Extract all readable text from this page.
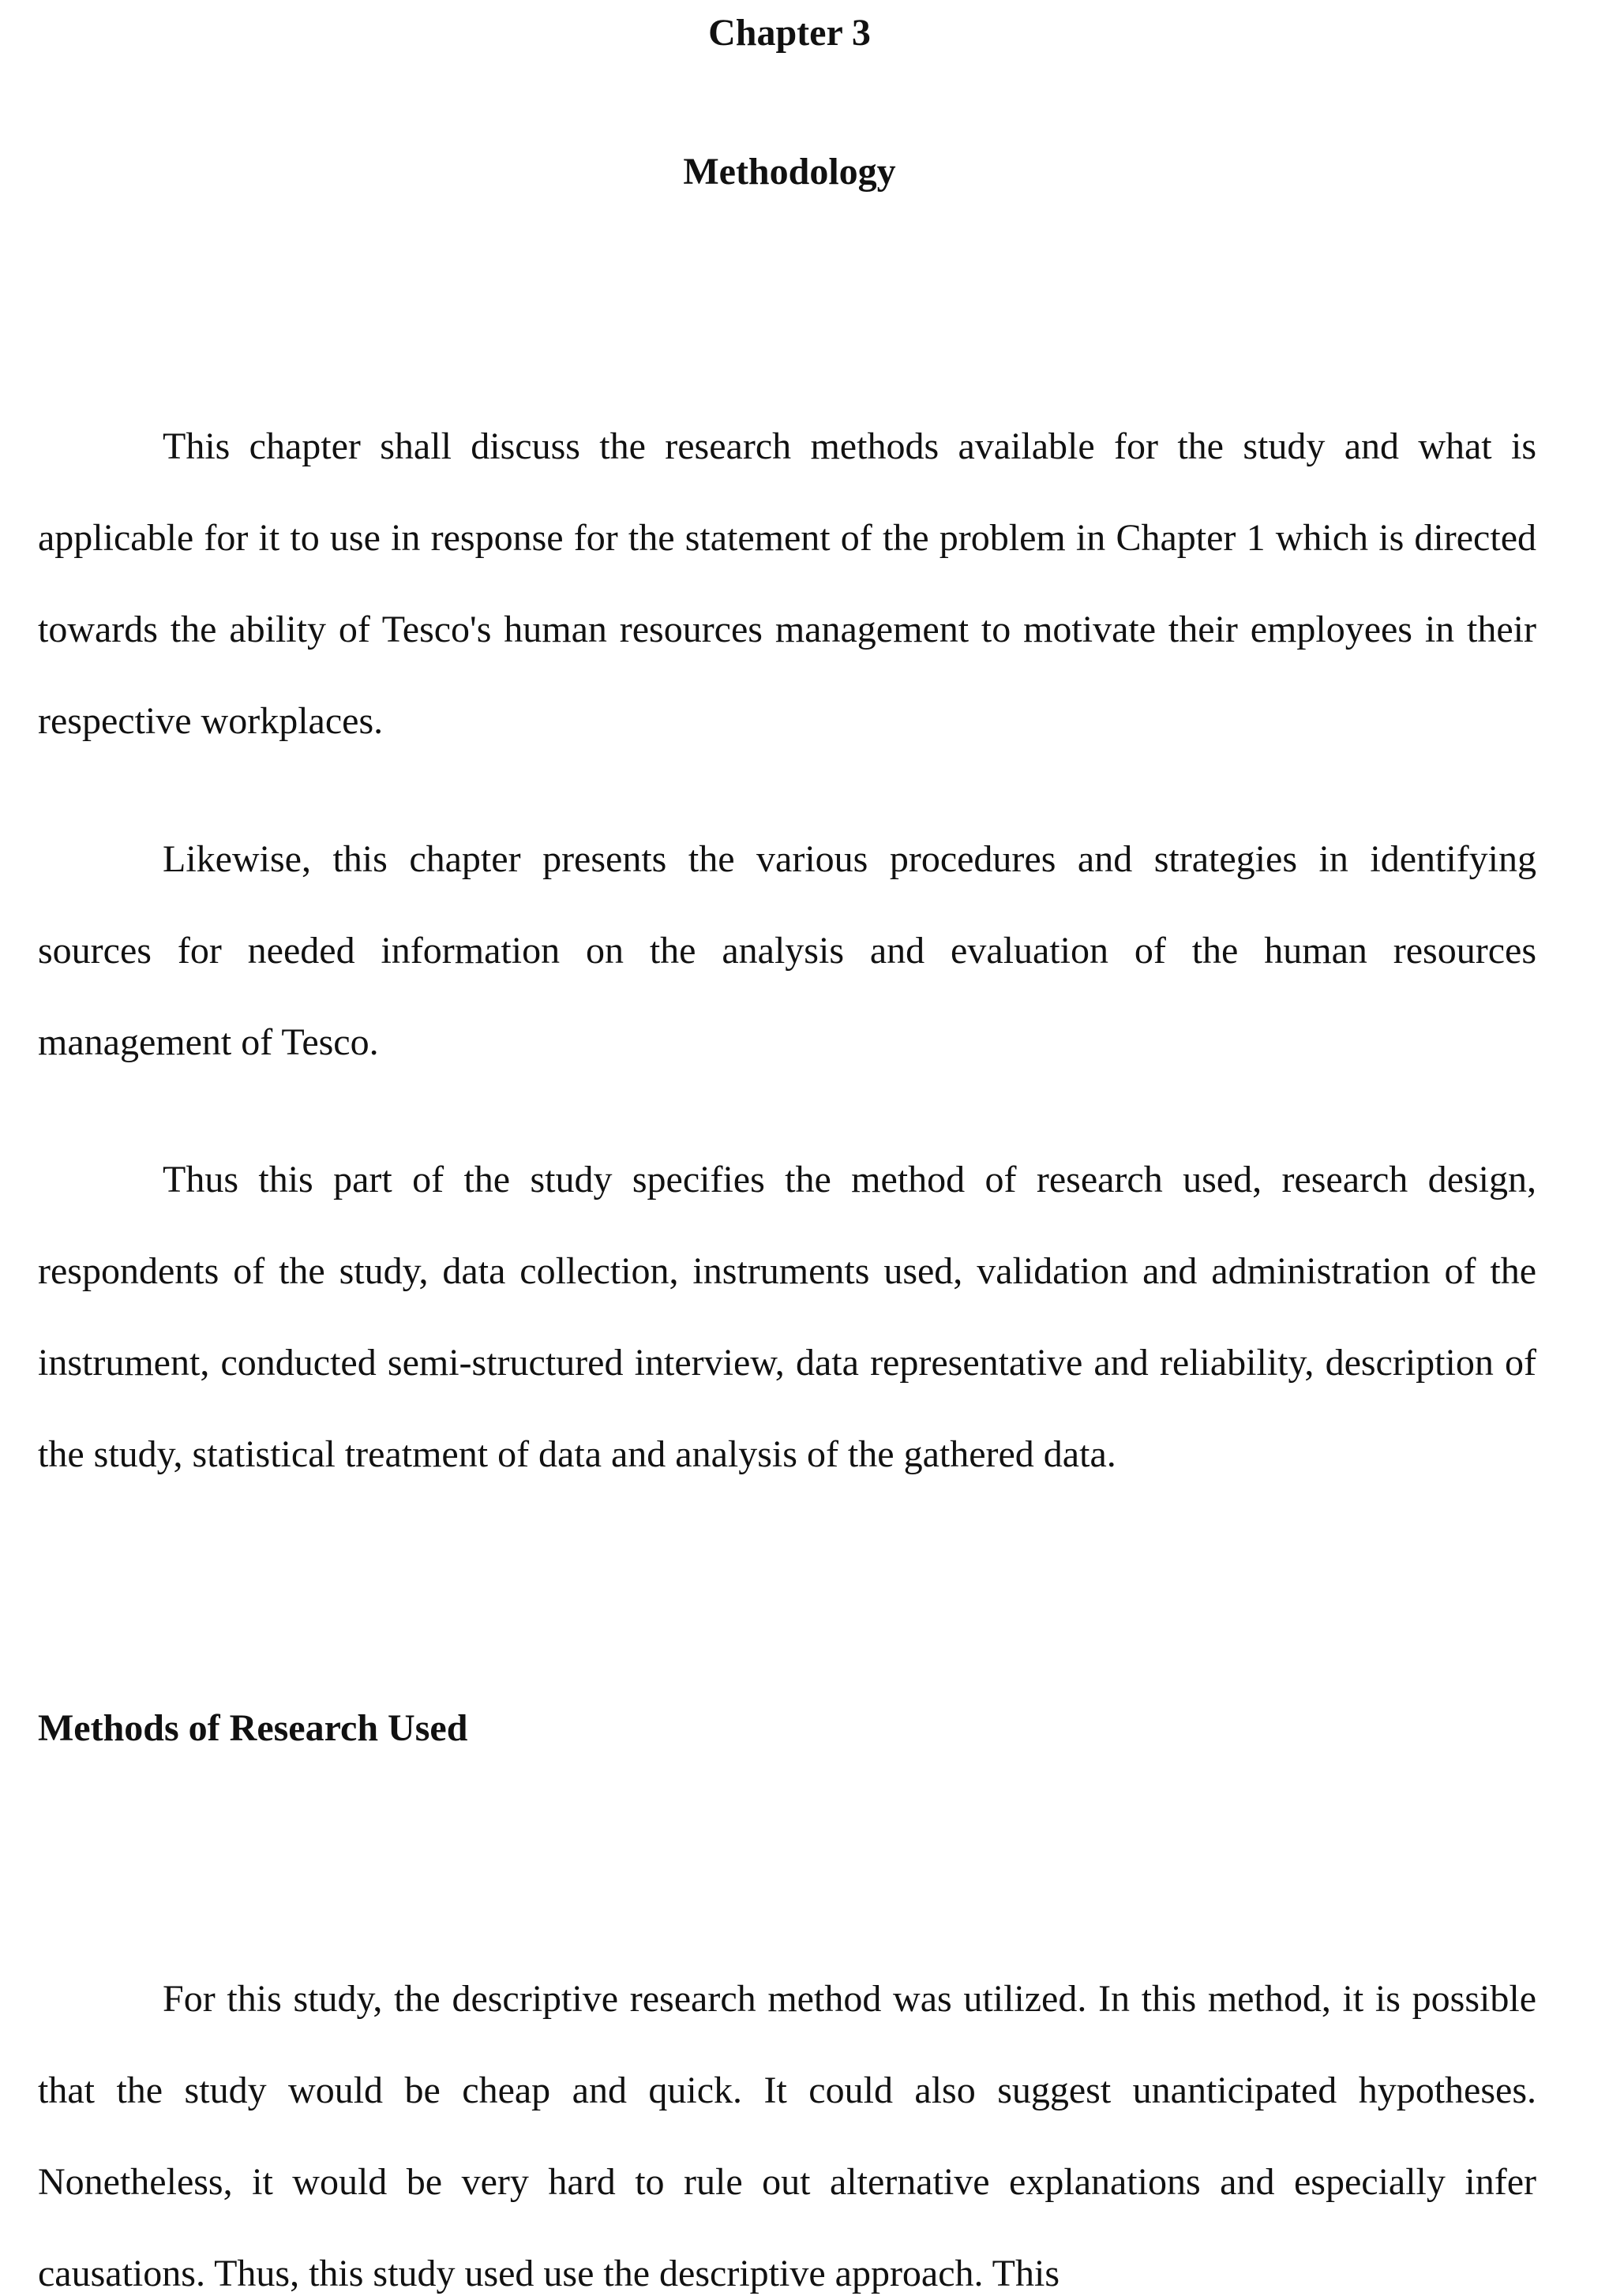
Chapter 3
Methodology

This chapter shall discuss the research methods available for the study and what is applicable for it to use in response for the statement of the problem in Chapter 1 which is directed towards the ability of Tesco's human resources management to motivate their employees in their respective workplaces.

Likewise, this chapter presents the various procedures and strategies in identifying sources for needed information on the analysis and evaluation of the human resources management of Tesco.

Thus this part of the study specifies the method of research used, research design, respondents of the study, data collection, instruments used, validation and administration of the instrument, conducted semi-structured interview, data representative and reliability, description of the study, statistical treatment of data and analysis of the gathered data.

Methods of Research Used

For this study, the descriptive research method was utilized. In this method, it is possible that the study would be cheap and quick. It could also suggest unanticipated hypotheses. Nonetheless, it would be very hard to rule out alternative explanations and especially infer causations. Thus, this study used use the descriptive approach. This
